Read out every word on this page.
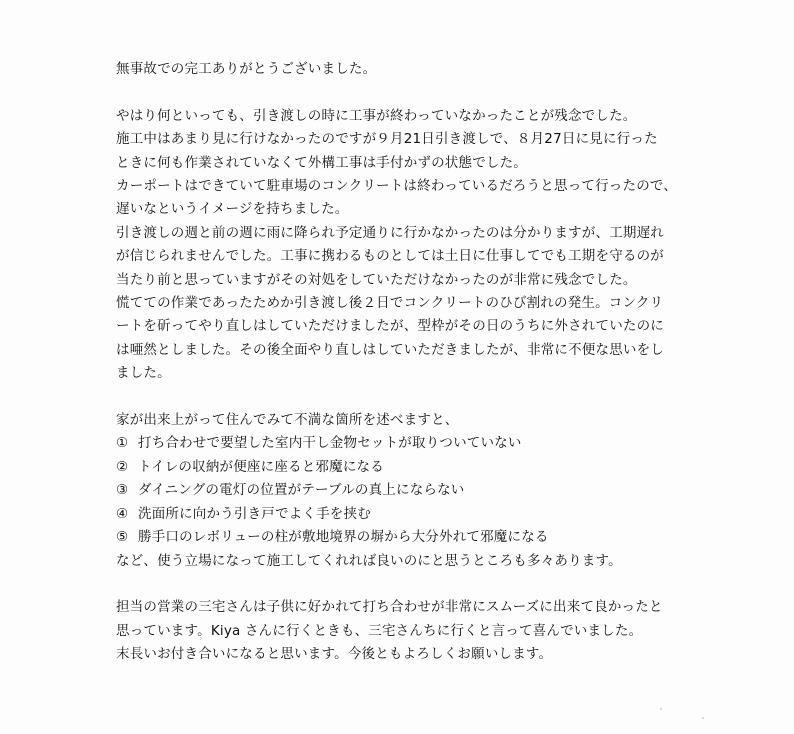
無事故での完工ありがとうございました。
やはり何といっても、引き渡しの時に工事が終わっていなかったことが残念でした。
施工中はあまり見に行けなかったのですが９月21日引き渡しで、８月27日に見に行った
ときに何も作業されていなくて外構工事は手付かずの状態でした。
カーポートはできていて駐車場のコンクリートは終わっているだろうと思って行ったので、
遅いなというイメージを持ちました。
引き渡しの週と前の週に雨に降られ予定通りに行かなかったのは分かりますが、工期遅れ
が信じられませんでした。工事に携わるものとしては土日に仕事してでも工期を守るのが
当たり前と思っていますがその対処をしていただけなかったのが非常に残念でした。
慌てての作業であったためか引き渡し後２日でコンクリートのひび割れの発生。コンクリ
ートを斫ってやり直しはしていただけましたが、型枠がその日のうちに外されていたのに
は唖然としました。その後全面やり直しはしていただきましたが、非常に不便な思いをし
ました。
家が出来上がって住んでみて不満な箇所を述べますと、
① 打ち合わせで要望した室内干し金物セットが取りついていない
② トイレの収納が便座に座ると邪魔になる
③ ダイニングの電灯の位置がテーブルの真上にならない
④ 洗面所に向かう引き戸でよく手を挟む
⑤ 勝手口のレボリューの柱が敷地境界の塀から大分外れて邪魔になる
など、使う立場になって施工してくれれば良いのにと思うところも多々あります。
担当の営業の三宅さんは子供に好かれて打ち合わせが非常にスムーズに出来て良かったと
思っています。Kiya さんに行くときも、三宅さんちに行くと言って喜んでいました。
末長いお付き合いになると思います。今後ともよろしくお願いします。
